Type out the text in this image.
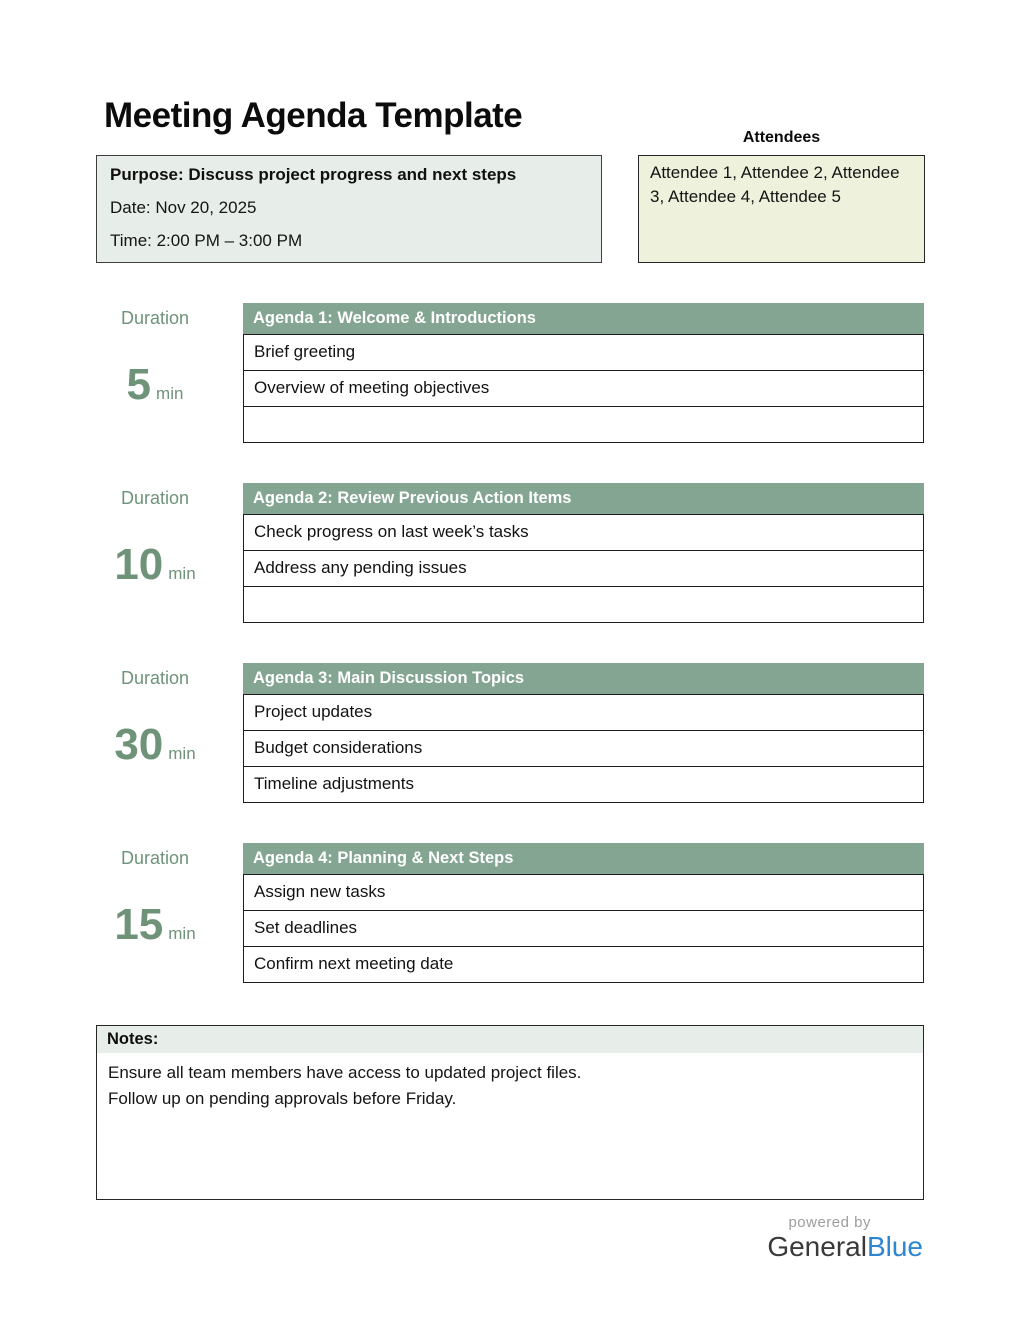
Meeting Agenda Template
Purpose: Discuss project progress and next steps
Date: Nov 20, 2025
Time: 2:00 PM – 3:00 PM
Attendees
Attendee 1, Attendee 2, Attendee 3, Attendee 4, Attendee 5
Duration
5 min
Agenda 1: Welcome & Introductions
Brief greeting
Overview of meeting objectives
Duration
10 min
Agenda 2: Review Previous Action Items
Check progress on last week’s tasks
Address any pending issues
Duration
30 min
Agenda 3: Main Discussion Topics
Project updates
Budget considerations
Timeline adjustments
Duration
15 min
Agenda 4: Planning & Next Steps
Assign new tasks
Set deadlines
Confirm next meeting date
Notes:
Ensure all team members have access to updated project files.
Follow up on pending approvals before Friday.
powered by
GeneralBlue
